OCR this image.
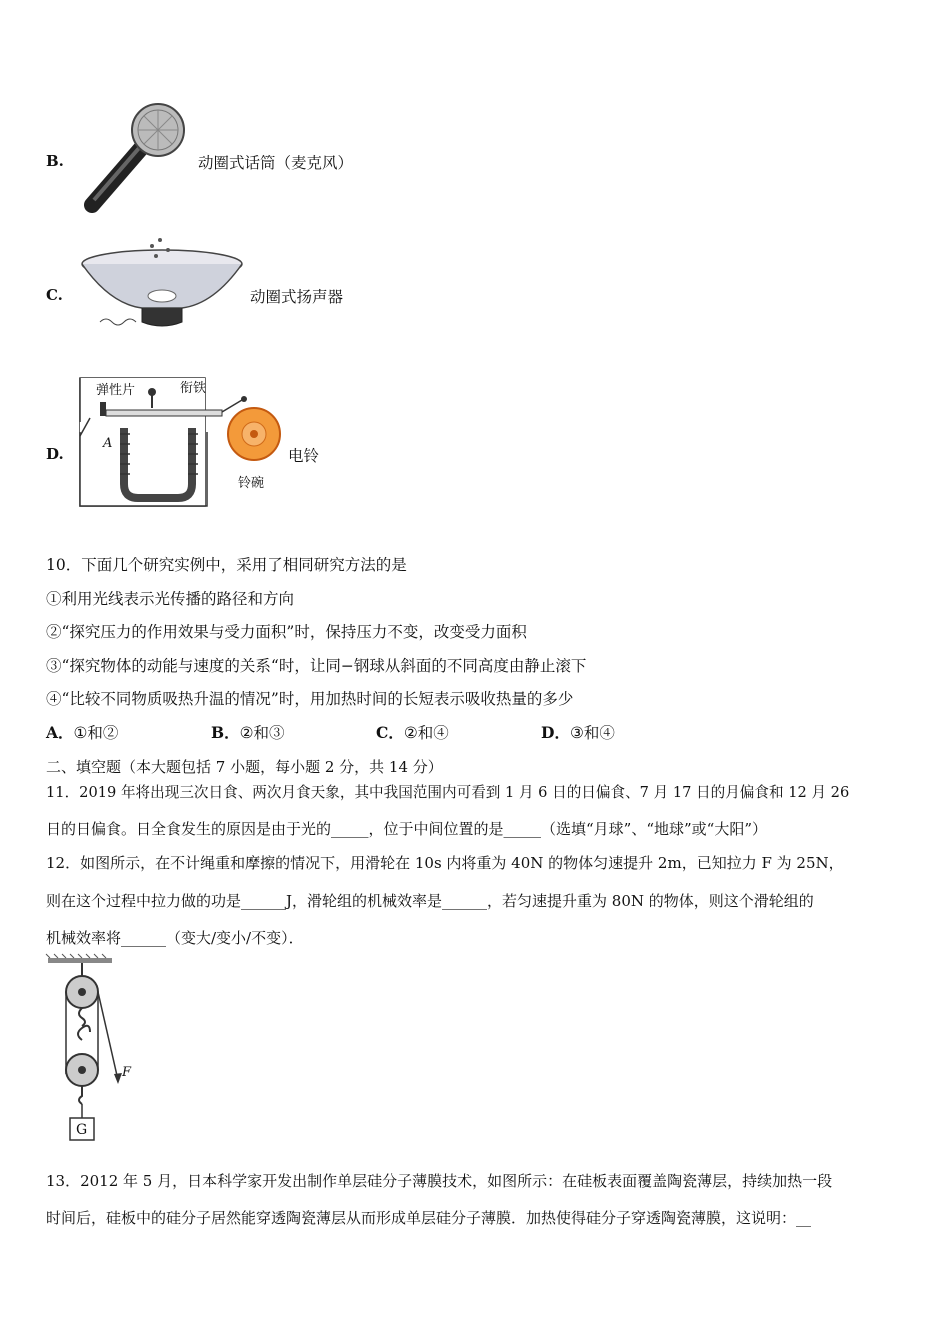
B.	动圈式话筒（麦克风）
C.	动圈式扬声器
D.
弹性片	衔铁
A
铃碗
电铃
10．下面几个研究实例中，采用了相同研究方法的是
①利用光线表示光传播的路径和方向
②“探究压力的作用效果与受力面积”时，保持压力不变，改变受力面积
③“探究物体的动能与速度的关系“时，让同−钢球从斜面的不同高度由静止滚下
④“比较不同物质吸热升温的情况”时，用加热时间的长短表示吸收热量的多少
A．①和②	B．②和③	C．②和④	D．③和④
二、填空题（本大题包括 7 小题，每小题 2 分，共 14 分）
11．2019 年将出现三次日食、两次月食天象，其中我国范围内可看到 1 月 6 日的日偏食、7 月 17 日的月偏食和 12 月 26
日的日偏食。日全食发生的原因是由于光的_____，位于中间位置的是_____（选填“月球”、“地球”或“大阳”）
12．如图所示，在不计绳重和摩擦的情况下，用滑轮在 10s 内将重为 40N 的物体匀速提升 2m，已知拉力 F 为 25N，
则在这个过程中拉力做的功是______J，滑轮组的机械效率是______，若匀速提升重为 80N 的物体，则这个滑轮组的
机械效率将______（变大/变小/不变）．
F
G
13．2012 年 5 月，日本科学家开发出制作单层硅分子薄膜技术，如图所示：在硅板表面覆盖陶瓷薄层，持续加热一段
时间后，硅板中的硅分子居然能穿透陶瓷薄层从而形成单层硅分子薄膜．加热使得硅分子穿透陶瓷薄膜，这说明：__
